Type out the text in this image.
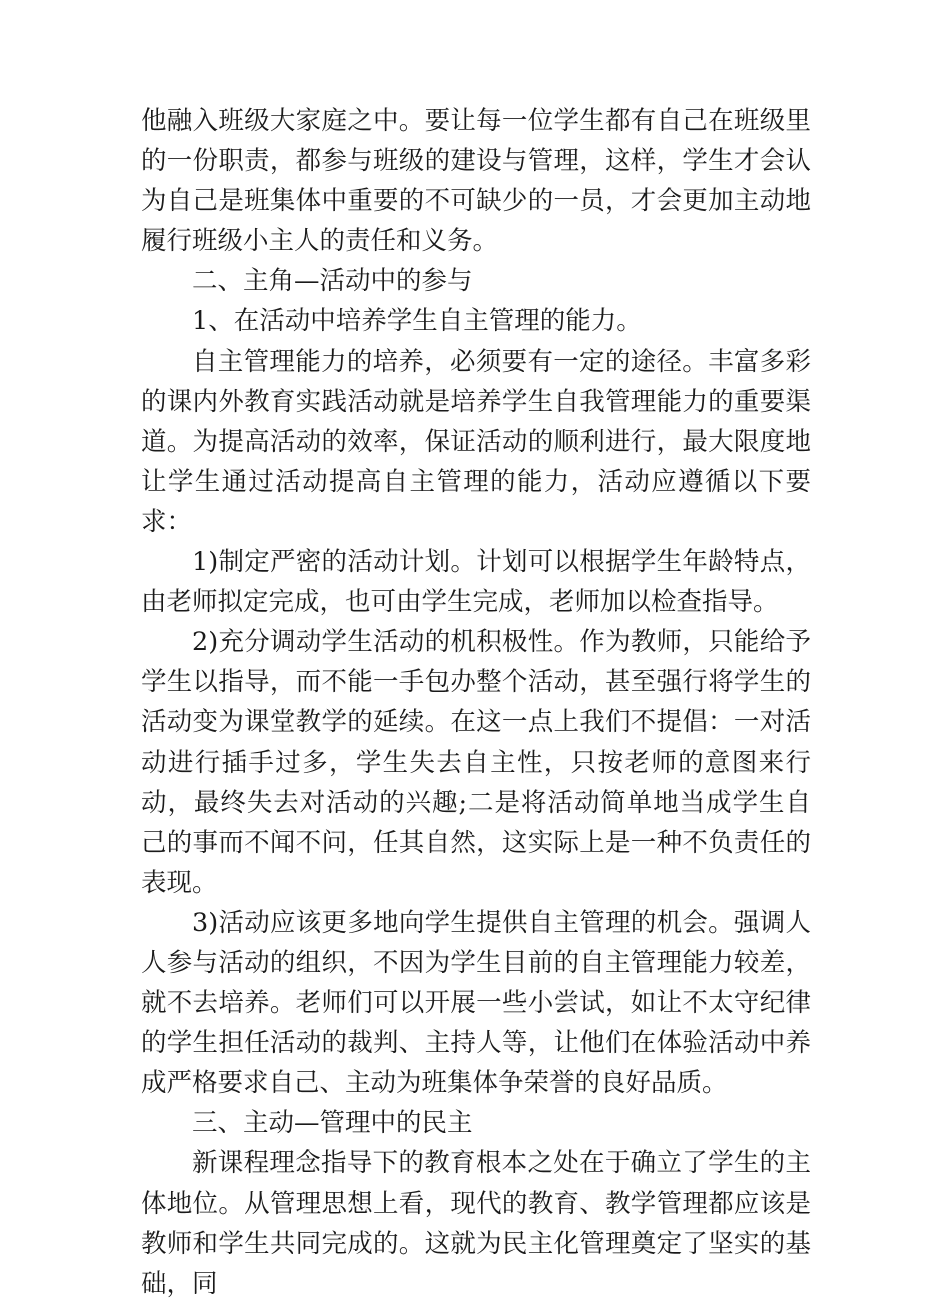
他融入班级大家庭之中。要让每一位学生都有自己在班级里的一份职责，都参与班级的建设与管理，这样，学生才会认为自己是班集体中重要的不可缺少的一员，才会更加主动地履行班级小主人的责任和义务。

二、主角—活动中的参与

1、在活动中培养学生自主管理的能力。

自主管理能力的培养，必须要有一定的途径。丰富多彩的课内外教育实践活动就是培养学生自我管理能力的重要渠道。为提高活动的效率，保证活动的顺利进行，最大限度地让学生通过活动提高自主管理的能力，活动应遵循以下要求：

1)制定严密的活动计划。计划可以根据学生年龄特点，由老师拟定完成，也可由学生完成，老师加以检查指导。

2)充分调动学生活动的机积极性。作为教师，只能给予学生以指导，而不能一手包办整个活动，甚至强行将学生的活动变为课堂教学的延续。在这一点上我们不提倡：一对活动进行插手过多，学生失去自主性，只按老师的意图来行动，最终失去对活动的兴趣;二是将活动简单地当成学生自己的事而不闻不问，任其自然，这实际上是一种不负责任的表现。

3)活动应该更多地向学生提供自主管理的机会。强调人人参与活动的组织，不因为学生目前的自主管理能力较差，就不去培养。老师们可以开展一些小尝试，如让不太守纪律的学生担任活动的裁判、主持人等，让他们在体验活动中养成严格要求自己、主动为班集体争荣誉的良好品质。

三、主动—管理中的民主

新课程理念指导下的教育根本之处在于确立了学生的主体地位。从管理思想上看，现代的教育、教学管理都应该是教师和学生共同完成的。这就为民主化管理奠定了坚实的基础，同
